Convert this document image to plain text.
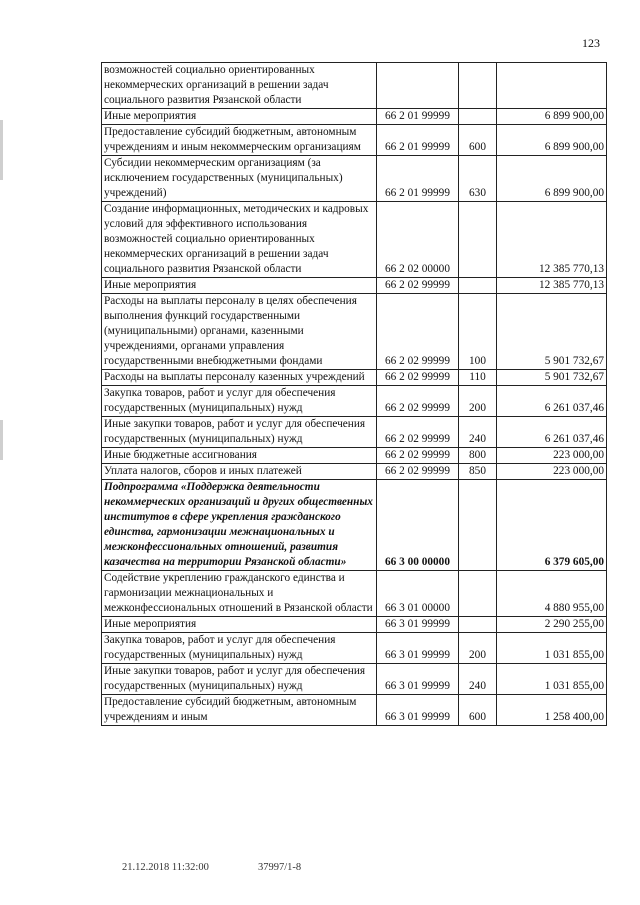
123
возможностей социально ориентированных некоммерческих организаций в решении задач социального развития Рязанской области			
Иные мероприятия	66 2 01 99999		6 899 900,00
Предоставление субсидий бюджетным, автономным учреждениям и иным некоммерческим организациям	66 2 01 99999	600	6 899 900,00
Субсидии некоммерческим организациям (за исключением государственных (муниципальных) учреждений)	66 2 01 99999	630	6 899 900,00
Создание информационных, методических и кадровых условий для эффективного использования возможностей социально ориентированных некоммерческих организаций в решении задач социального развития Рязанской области	66 2 02 00000		12 385 770,13
Иные мероприятия	66 2 02 99999		12 385 770,13
Расходы на выплаты персоналу в целях обеспечения выполнения функций государственными (муниципальными) органами, казенными учреждениями, органами управления государственными внебюджетными фондами	66 2 02 99999	100	5 901 732,67
Расходы на выплаты персоналу казенных учреждений	66 2 02 99999	110	5 901 732,67
Закупка товаров, работ и услуг для обеспечения государственных (муниципальных) нужд	66 2 02 99999	200	6 261 037,46
Иные закупки товаров, работ и услуг для обеспечения государственных (муниципальных) нужд	66 2 02 99999	240	6 261 037,46
Иные бюджетные ассигнования	66 2 02 99999	800	223 000,00
Уплата налогов, сборов и иных платежей	66 2 02 99999	850	223 000,00
Подпрограмма «Поддержка деятельности некоммерческих организаций и других общественных институтов в сфере укрепления гражданского единства, гармонизации межнациональных и межконфессиональных отношений, развития казачества на территории Рязанской области»	66 3 00 00000		6 379 605,00
Содействие укреплению гражданского единства и гармонизации межнациональных и межконфессиональных отношений в Рязанской области	66 3 01 00000		4 880 955,00
Иные мероприятия	66 3 01 99999		2 290 255,00
Закупка товаров, работ и услуг для обеспечения государственных (муниципальных) нужд	66 3 01 99999	200	1 031 855,00
Иные закупки товаров, работ и услуг для обеспечения государственных (муниципальных) нужд	66 3 01 99999	240	1 031 855,00
Предоставление субсидий бюджетным, автономным учреждениям и иным	66 3 01 99999	600	1 258 400,00
21.12.2018 11:32:00	37997/1-8
